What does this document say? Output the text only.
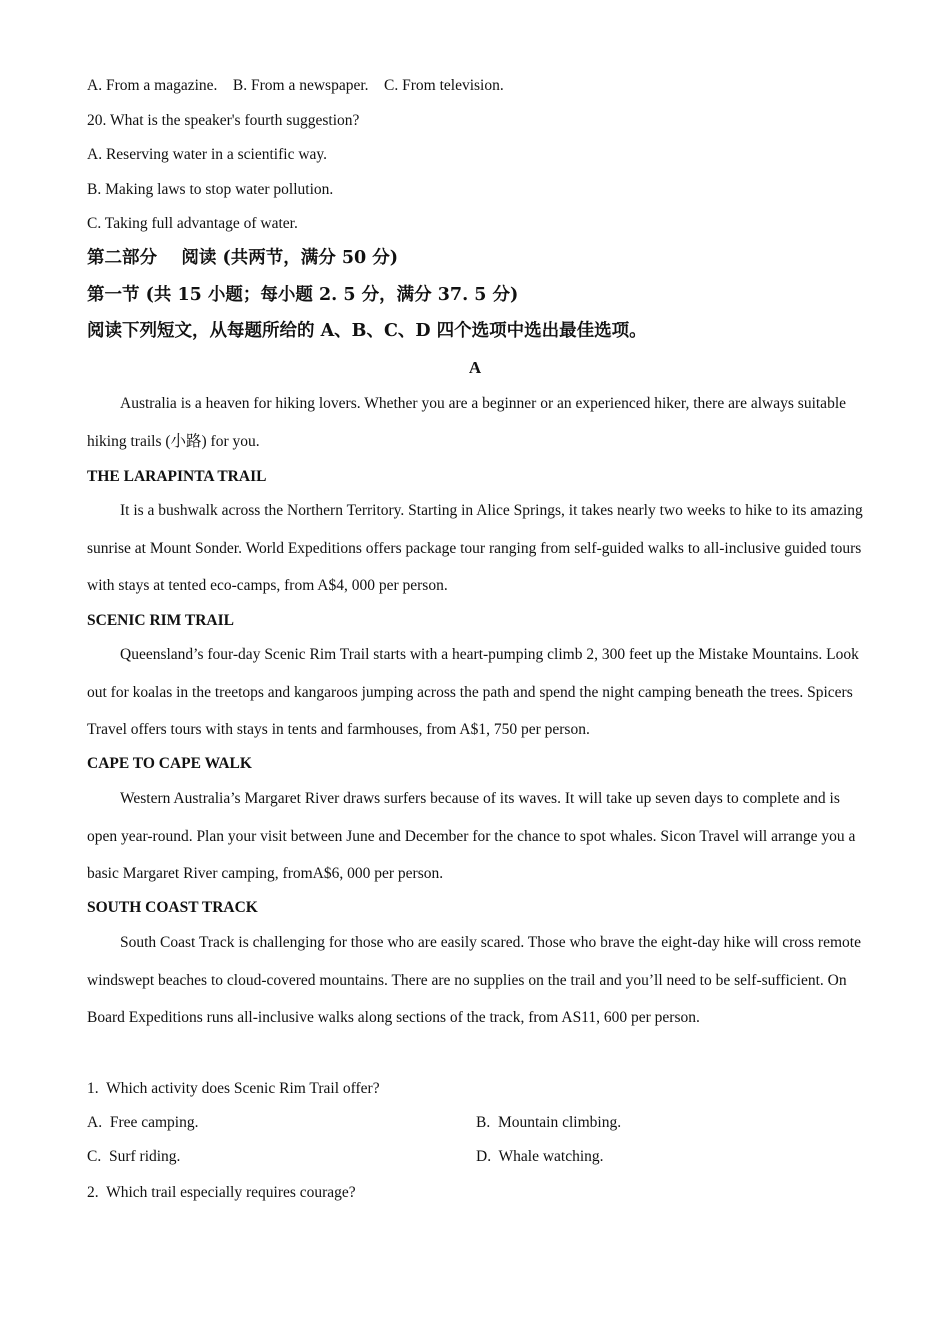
A. From a magazine.    B. From a newspaper.    C. From television.
20. What is the speaker's fourth suggestion?
A. Reserving water in a scientific way.
B. Making laws to stop water pollution.
C. Taking full advantage of water.
第二部分    阅读 (共两节，满分 50 分)
第一节 (共 15 小题；每小题 2. 5 分，满分 37. 5 分)
阅读下列短文，从每题所给的 A、B、C、D 四个选项中选出最佳选项。
A
Australia is a heaven for hiking lovers. Whether you are a beginner or an experienced hiker, there are always suitable hiking trails (小路) for you.
THE LARAPINTA TRAIL
It is a bushwalk across the Northern Territory. Starting in Alice Springs, it takes nearly two weeks to hike to its amazing sunrise at Mount Sonder. World Expeditions offers package tour ranging from self-guided walks to all-inclusive guided tours with stays at tented eco-camps, from A$4, 000 per person.
SCENIC RIM TRAIL
Queensland’s four-day Scenic Rim Trail starts with a heart-pumping climb 2, 300 feet up the Mistake Mountains. Look out for koalas in the treetops and kangaroos jumping across the path and spend the night camping beneath the trees. Spicers Travel offers tours with stays in tents and farmhouses, from A$1, 750 per person.
CAPE TO CAPE WALK
Western Australia’s Margaret River draws surfers because of its waves. It will take up seven days to complete and is open year-round. Plan your visit between June and December for the chance to spot whales. Sicon Travel will arrange you a basic Margaret River camping, fromA$6, 000 per person.
SOUTH COAST TRACK
South Coast Track is challenging for those who are easily scared. Those who brave the eight-day hike will cross remote windswept beaches to cloud-covered mountains. There are no supplies on the trail and you’ll need to be self-sufficient. On Board Expeditions runs all-inclusive walks along sections of the track, from AS11, 600 per person.
1.  Which activity does Scenic Rim Trail offer?
A.  Free camping.	B.  Mountain climbing.
C.  Surf riding.	D.  Whale watching.
2.  Which trail especially requires courage?
